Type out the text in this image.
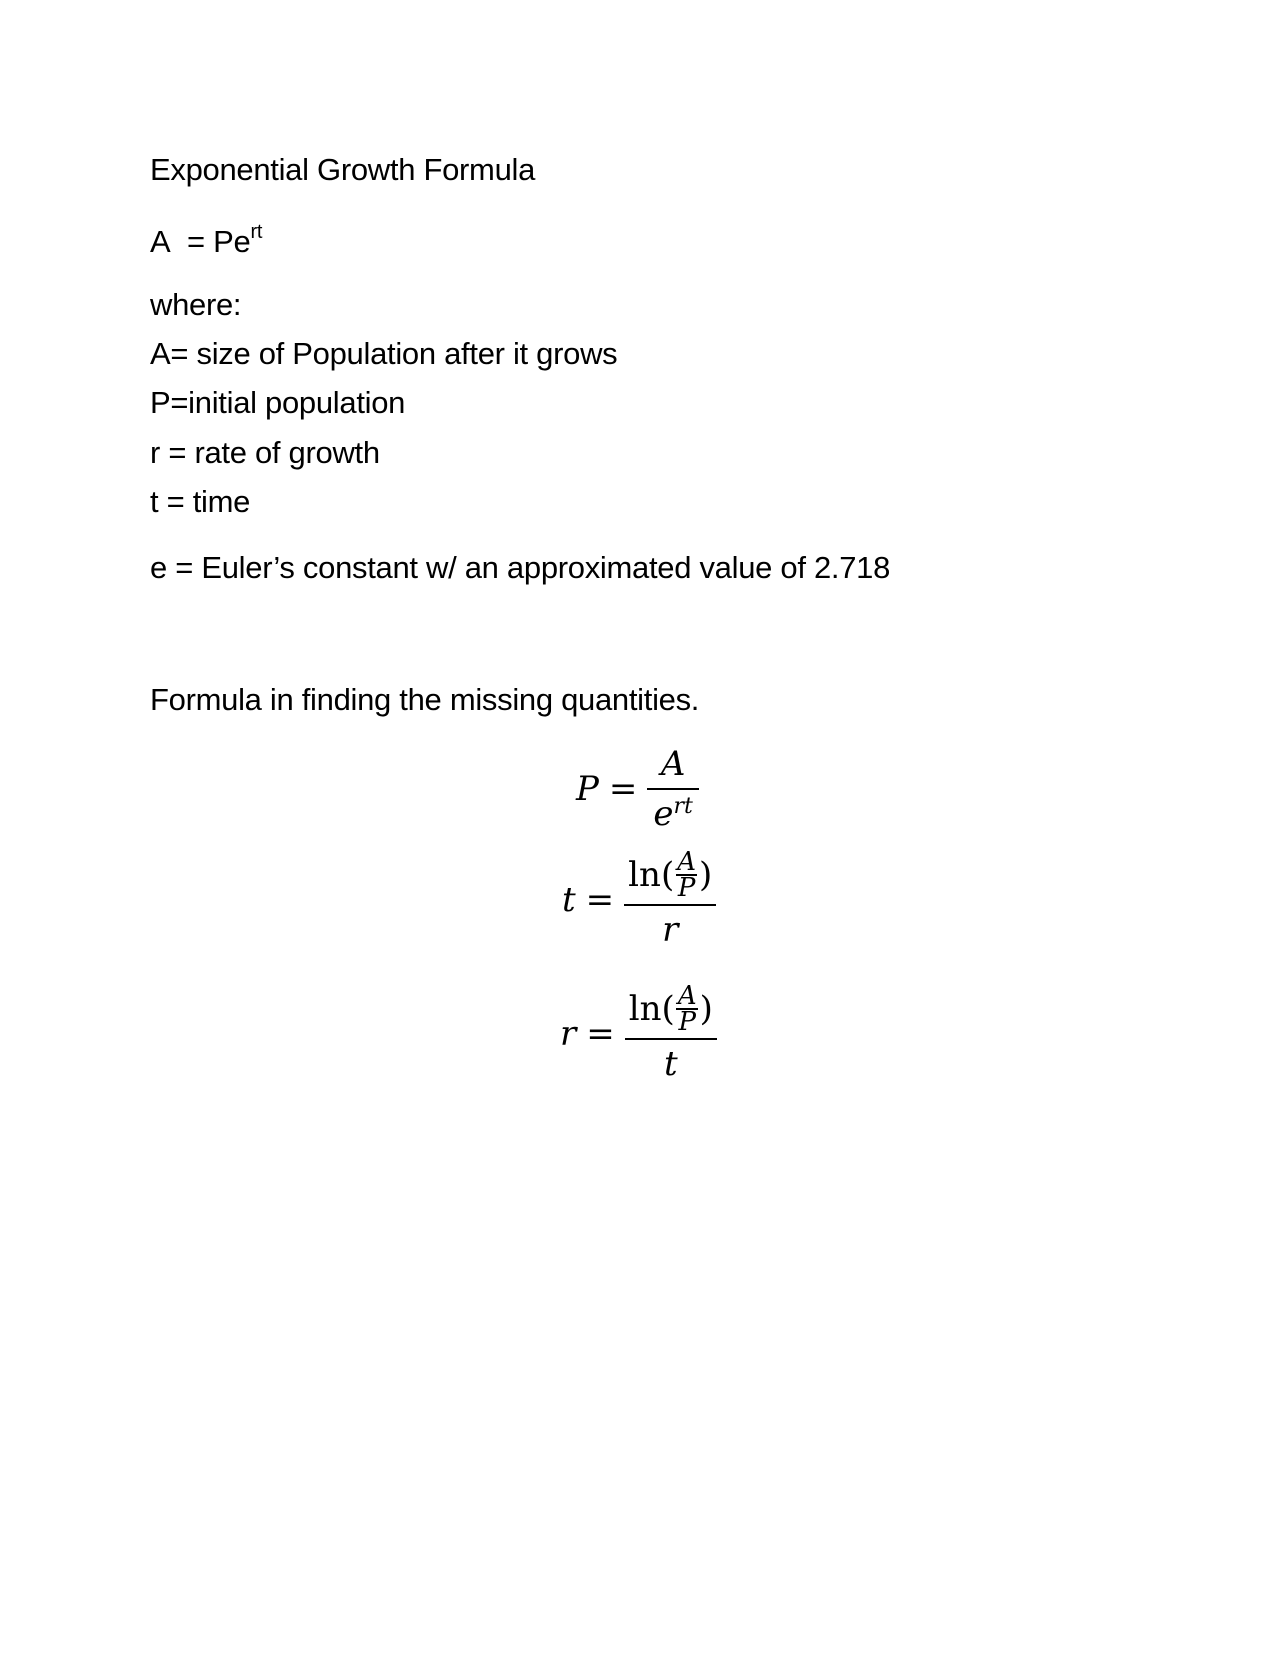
Exponential Growth Formula
$A = Pe^{rt}$
where:
A= size of Population after it grows
P=initial population
r = rate of growth
t = time
e = Euler’s constant w/ an approximated value of 2.718
Formula in finding the missing quantities.
$P = \frac{A}{e^{rt}}$
$t = \frac{\ln( \frac{A}{P} )}{r}$
$r = \frac{\ln( \frac{A}{P} )}{t}$
